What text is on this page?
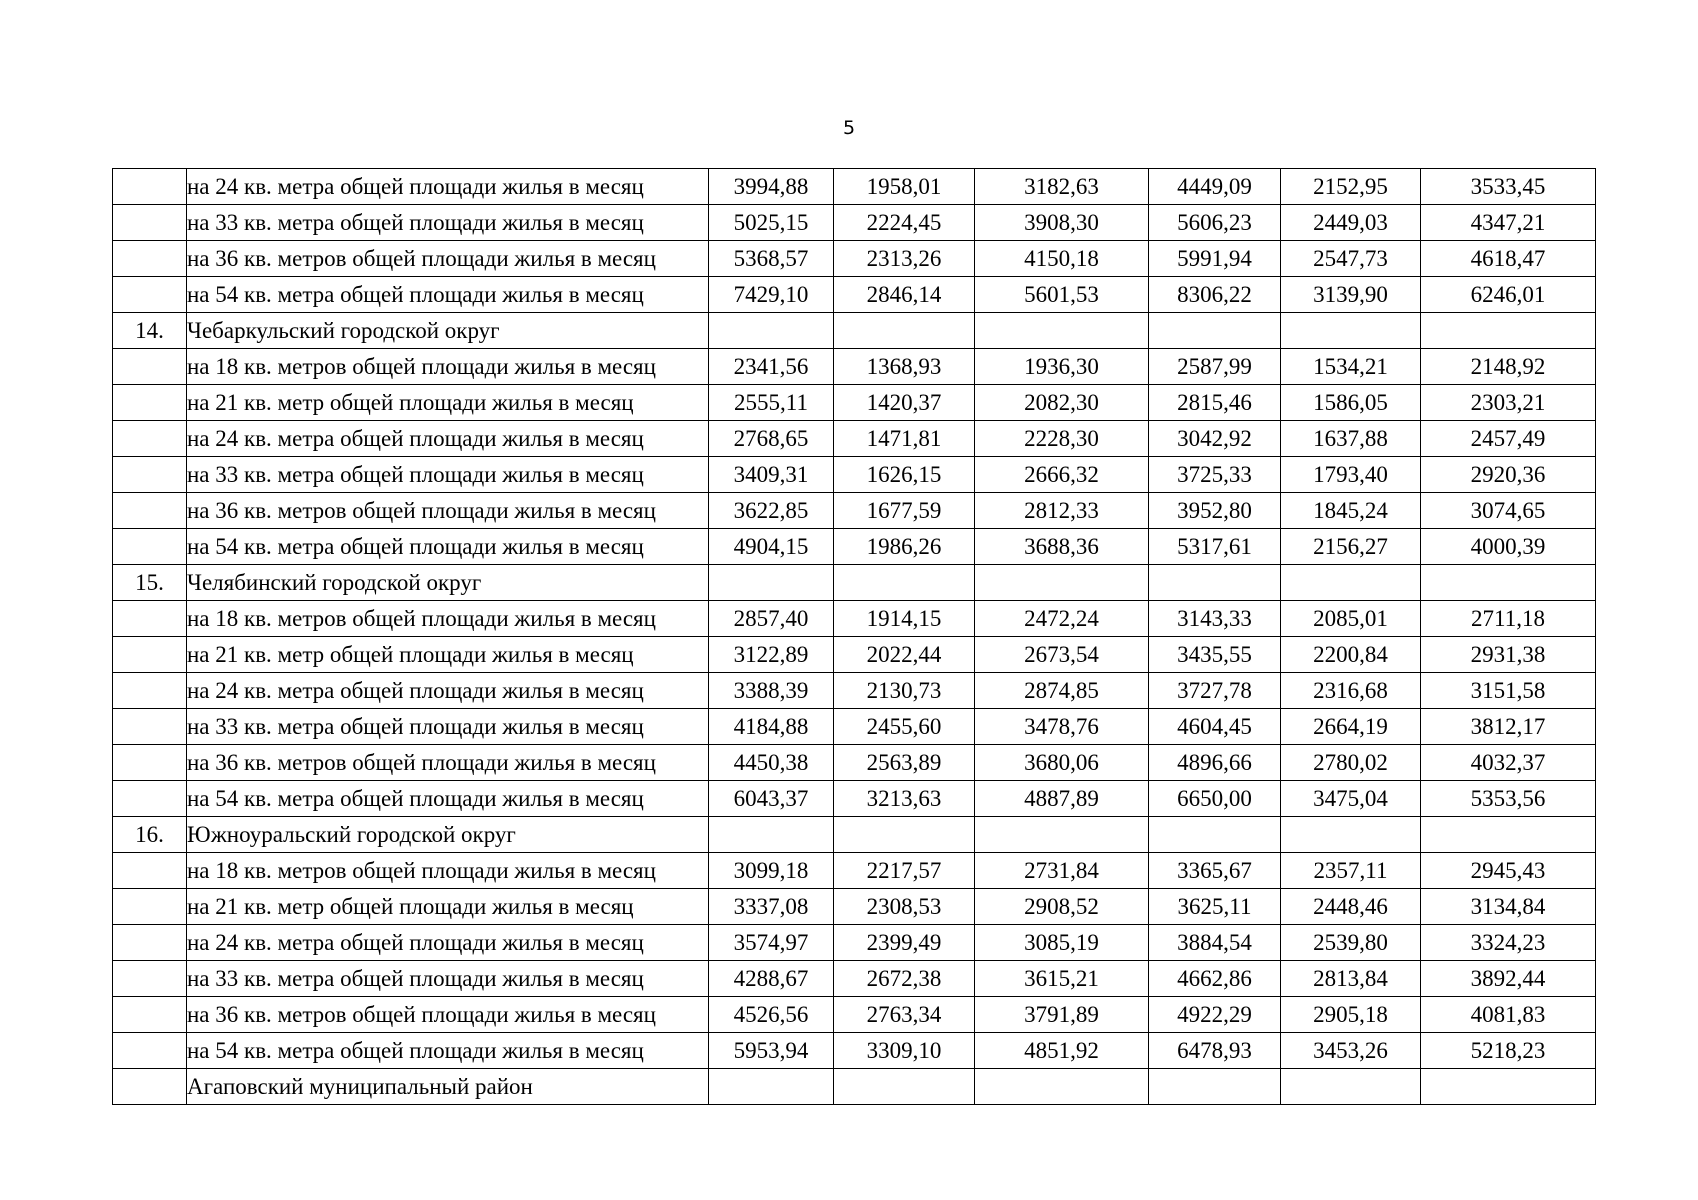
5
	на 24 кв. метра общей площади жилья в месяц	3994,88	1958,01	3182,63	4449,09	2152,95	3533,45
	на 33 кв. метра общей площади жилья в месяц	5025,15	2224,45	3908,30	5606,23	2449,03	4347,21
	на 36 кв. метров общей площади жилья в месяц	5368,57	2313,26	4150,18	5991,94	2547,73	4618,47
	на 54 кв. метра общей площади жилья в месяц	7429,10	2846,14	5601,53	8306,22	3139,90	6246,01
14.	Чебаркульский городской округ						
	на 18 кв. метров общей площади жилья в месяц	2341,56	1368,93	1936,30	2587,99	1534,21	2148,92
	на 21 кв. метр общей площади жилья в месяц	2555,11	1420,37	2082,30	2815,46	1586,05	2303,21
	на 24 кв. метра общей площади жилья в месяц	2768,65	1471,81	2228,30	3042,92	1637,88	2457,49
	на 33 кв. метра общей площади жилья в месяц	3409,31	1626,15	2666,32	3725,33	1793,40	2920,36
	на 36 кв. метров общей площади жилья в месяц	3622,85	1677,59	2812,33	3952,80	1845,24	3074,65
	на 54 кв. метра общей площади жилья в месяц	4904,15	1986,26	3688,36	5317,61	2156,27	4000,39
15.	Челябинский городской округ						
	на 18 кв. метров общей площади жилья в месяц	2857,40	1914,15	2472,24	3143,33	2085,01	2711,18
	на 21 кв. метр общей площади жилья в месяц	3122,89	2022,44	2673,54	3435,55	2200,84	2931,38
	на 24 кв. метра общей площади жилья в месяц	3388,39	2130,73	2874,85	3727,78	2316,68	3151,58
	на 33 кв. метра общей площади жилья в месяц	4184,88	2455,60	3478,76	4604,45	2664,19	3812,17
	на 36 кв. метров общей площади жилья в месяц	4450,38	2563,89	3680,06	4896,66	2780,02	4032,37
	на 54 кв. метра общей площади жилья в месяц	6043,37	3213,63	4887,89	6650,00	3475,04	5353,56
16.	Южноуральский городской округ						
	на 18 кв. метров общей площади жилья в месяц	3099,18	2217,57	2731,84	3365,67	2357,11	2945,43
	на 21 кв. метр общей площади жилья в месяц	3337,08	2308,53	2908,52	3625,11	2448,46	3134,84
	на 24 кв. метра общей площади жилья в месяц	3574,97	2399,49	3085,19	3884,54	2539,80	3324,23
	на 33 кв. метра общей площади жилья в месяц	4288,67	2672,38	3615,21	4662,86	2813,84	3892,44
	на 36 кв. метров общей площади жилья в месяц	4526,56	2763,34	3791,89	4922,29	2905,18	4081,83
	на 54 кв. метра общей площади жилья в месяц	5953,94	3309,10	4851,92	6478,93	3453,26	5218,23
	Агаповский муниципальный район						
